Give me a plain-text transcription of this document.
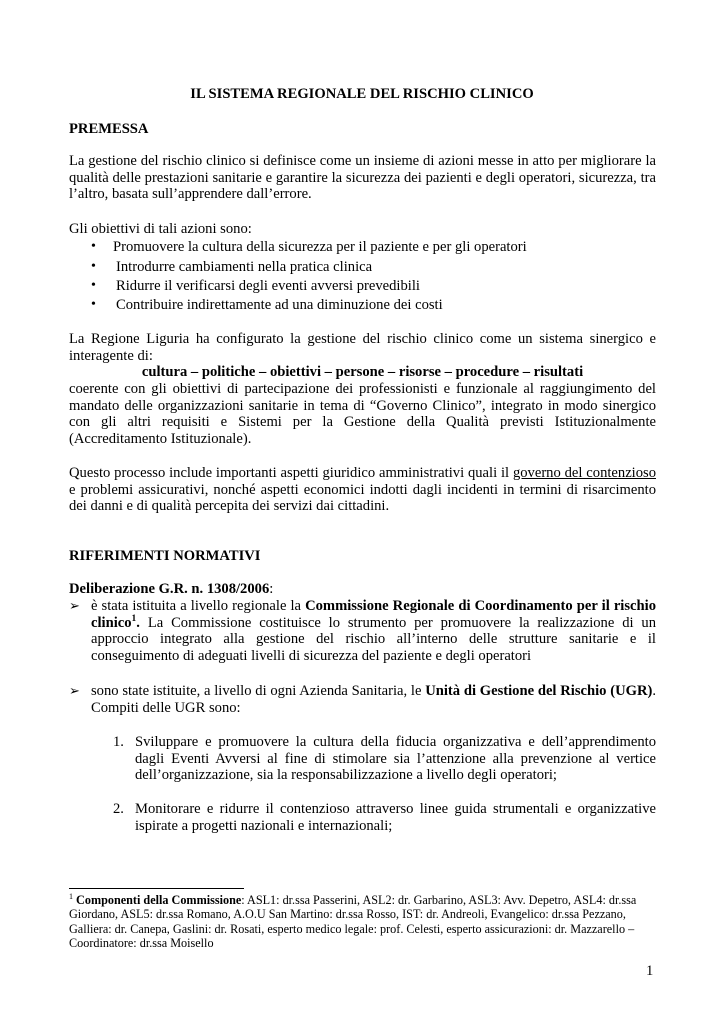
IL SISTEMA REGIONALE DEL RISCHIO CLINICO
PREMESSA
La gestione del rischio clinico si definisce come un insieme di azioni messe in atto per migliorare la qualità delle prestazioni sanitarie e garantire la sicurezza dei pazienti e degli operatori, sicurezza, tra l’altro, basata sull’apprendere dall’errore.
Gli obiettivi di tali azioni sono:
• Promuovere la cultura della sicurezza per il paziente e per gli operatori
• Introdurre cambiamenti nella pratica clinica
• Ridurre il verificarsi degli eventi avversi prevedibili
• Contribuire indirettamente ad una diminuzione dei costi
La Regione Liguria ha configurato la gestione del rischio clinico come un sistema sinergico e interagente di:
cultura – politiche – obiettivi – persone – risorse – procedure – risultati
coerente con gli obiettivi di partecipazione dei professionisti e funzionale al raggiungimento del mandato delle organizzazioni sanitarie in tema di “Governo Clinico”, integrato in modo sinergico con gli altri requisiti e Sistemi per la Gestione della Qualità previsti Istituzionalmente (Accreditamento Istituzionale).
Questo processo include importanti aspetti giuridico amministrativi quali il governo del contenzioso e problemi assicurativi, nonché aspetti economici indotti dagli incidenti in termini di risarcimento dei danni e di qualità percepita dei servizi dai cittadini.
RIFERIMENTI NORMATIVI
Deliberazione G.R. n. 1308/2006:
➢ è stata istituita a livello regionale la Commissione Regionale di Coordinamento per il rischio clinico$^1$. La Commissione costituisce lo strumento per promuovere la realizzazione di un approccio integrato alla gestione del rischio all’interno delle strutture sanitarie e il conseguimento di adeguati livelli di sicurezza del paziente e degli operatori
➢ sono state istituite, a livello di ogni Azienda Sanitaria, le Unità di Gestione del Rischio (UGR). Compiti delle UGR sono:
1. Sviluppare e promuovere la cultura della fiducia organizzativa e dell’apprendimento dagli Eventi Avversi al fine di stimolare sia l’attenzione alla prevenzione al vertice dell’organizzazione, sia la responsabilizzazione a livello degli operatori;
2. Monitorare e ridurre il contenzioso attraverso linee guida strumentali e organizzative ispirate a progetti nazionali e internazionali;
$^1$ Componenti della Commissione: ASL1: dr.ssa Passerini, ASL2: dr. Garbarino, ASL3: Avv. Depetro, ASL4: dr.ssa Giordano, ASL5: dr.ssa Romano, A.O.U San Martino: dr.ssa Rosso, IST: dr. Andreoli, Evangelico: dr.ssa Pezzano, Galliera: dr. Canepa, Gaslini: dr. Rosati, esperto medico legale: prof. Celesti, esperto assicurazioni: dr. Mazzarello – Coordinatore: dr.ssa Moisello
1
